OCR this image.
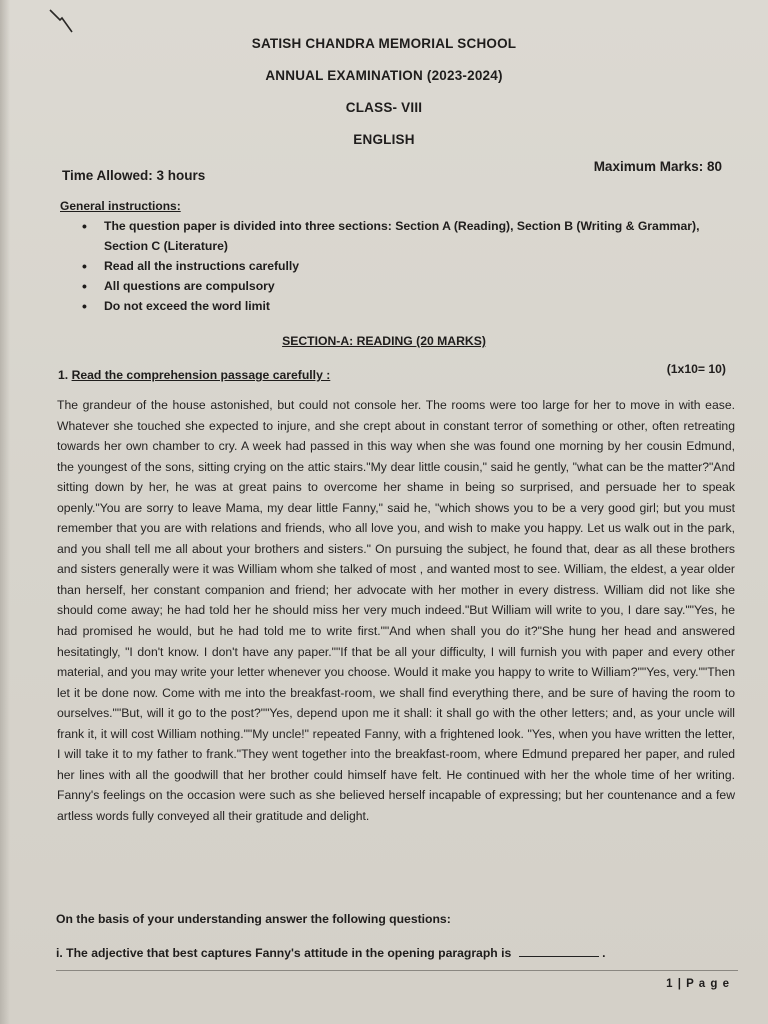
SATISH CHANDRA MEMORIAL SCHOOL
ANNUAL EXAMINATION (2023-2024)
CLASS- VIII
ENGLISH
Time Allowed: 3 hours
Maximum Marks: 80
General instructions:
• The question paper is divided into three sections: Section A (Reading), Section B (Writing & Grammar), Section C (Literature)
• Read all the instructions carefully
• All questions are compulsory
• Do not exceed the word limit
SECTION-A: READING (20 MARKS)
1. Read the comprehension passage carefully :	(1x10= 10)
The grandeur of the house astonished, but could not console her. The rooms were too large for her to move in with ease. Whatever she touched she expected to injure, and she crept about in constant terror of something or other, often retreating towards her own chamber to cry. A week had passed in this way when she was found one morning by her cousin Edmund, the youngest of the sons, sitting crying on the attic stairs."My dear little cousin," said he gently, "what can be the matter?"And sitting down by her, he was at great pains to overcome her shame in being so surprised, and persuade her to speak openly."You are sorry to leave Mama, my dear little Fanny," said he, "which shows you to be a very good girl; but you must remember that you are with relations and friends, who all love you, and wish to make you happy. Let us walk out in the park, and you shall tell me all about your brothers and sisters." On pursuing the subject, he found that, dear as all these brothers and sisters generally were it was William whom she talked of most , and wanted most to see. William, the eldest, a year older than herself, her constant companion and friend; her advocate with her mother in every distress. William did not like she should come away; he had told her he should miss her very much indeed."But William will write to you, I dare say.""Yes, he had promised he would, but he had told me to write first.""And when shall you do it?"She hung her head and answered hesitatingly, "I don't know. I don't have any paper.""If that be all your difficulty, I will furnish you with paper and every other material, and you may write your letter whenever you choose. Would it make you happy to write to William?""Yes, very.""Then let it be done now. Come with me into the breakfast-room, we shall find everything there, and be sure of having the room to ourselves.""But, will it go to the post?""Yes, depend upon me it shall: it shall go with the other letters; and, as your uncle will frank it, it will cost William nothing.""My uncle!" repeated Fanny, with a frightened look. "Yes, when you have written the letter, I will take it to my father to frank."They went together into the breakfast-room, where Edmund prepared her paper, and ruled her lines with all the goodwill that her brother could himself have felt. He continued with her the whole time of her writing. Fanny's feelings on the occasion were such as she believed herself incapable of expressing; but her countenance and a few artless words fully conveyed all their gratitude and delight.
On the basis of your understanding answer the following questions:
i. The adjective that best captures Fanny's attitude in the opening paragraph is	.
1 | P a g e
